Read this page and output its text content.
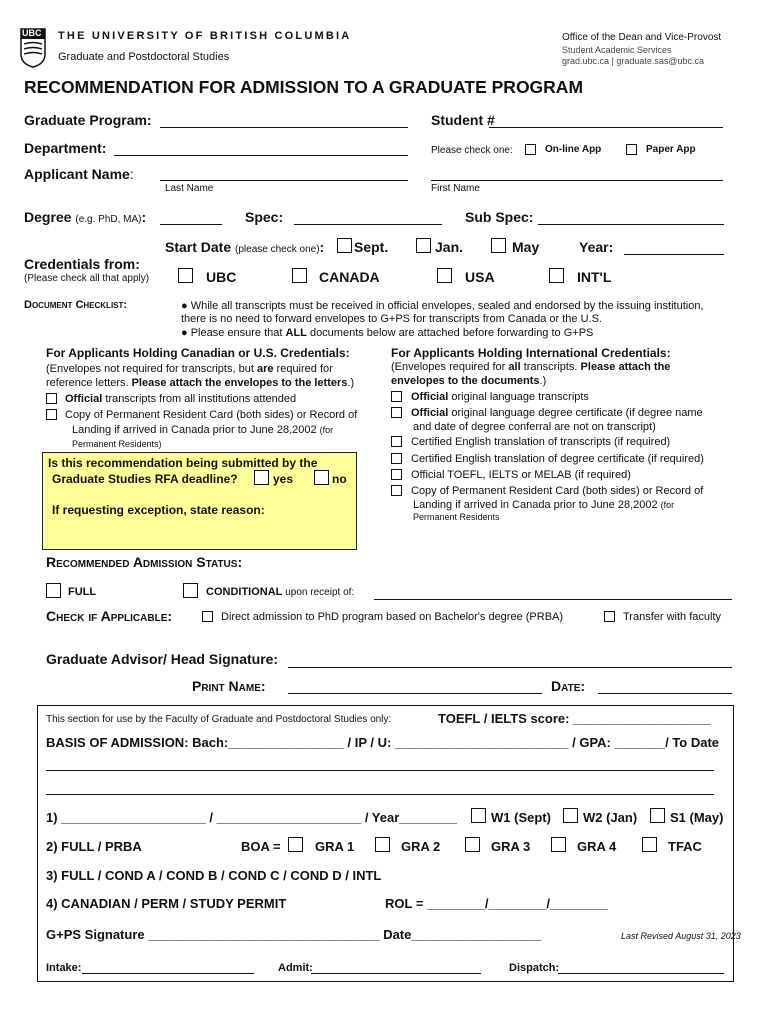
UBC THE UNIVERSITY OF BRITISH COLUMBIA
Graduate and Postdoctoral Studies
Office of the Dean and Vice-Provost
Student Academic Services
grad.ubc.ca | graduate.sas@ubc.ca
RECOMMENDATION FOR ADMISSION TO A GRADUATE PROGRAM
Graduate Program:	Student #
Department:	Please check one:	On-line App	Paper App
Applicant Name:
Last Name	First Name
Degree (e.g. PhD, MA):	Spec:	Sub Spec:
Start Date (please check one): Sept.	Jan.	May	Year:
Credentials from:
(Please check all that apply)	UBC	CANADA	USA	INT'L
Document Checklist:	● While all transcripts must be received in official envelopes, sealed and endorsed by the issuing institution,
there is no need to forward envelopes to G+PS for transcripts from Canada or the U.S.
● Please ensure that ALL documents below are attached before forwarding to G+PS
For Applicants Holding Canadian or U.S. Credentials:
(Envelopes not required for transcripts, but are required for
reference letters. Please attach the envelopes to the letters.)
Official transcripts from all institutions attended
Copy of Permanent Resident Card (both sides) or Record of
Landing if arrived in Canada prior to June 28,2002 (for
Permanent Residents)
Is this recommendation being submitted by the
Graduate Studies RFA deadline?	yes	no
If requesting exception, state reason:
For Applicants Holding International Credentials:
(Envelopes required for all transcripts. Please attach the
envelopes to the documents.)
Official original language transcripts
Official original language degree certificate (if degree name
and date of degree conferral are not on transcript)
Certified English translation of transcripts (if required)
Certified English translation of degree certificate (if required)
Official TOEFL, IELTS or MELAB (if required)
Copy of Permanent Resident Card (both sides) or Record of
Landing if arrived in Canada prior to June 28,2002 (for
Permanent Residents
Recommended Admission Status:
FULL	CONDITIONAL upon receipt of:
Check if Applicable:	Direct admission to PhD program based on Bachelor's degree (PRBA)	Transfer with faculty
Graduate Advisor/ Head Signature:
Print Name:	Date:
This section for use by the Faculty of Graduate and Postdoctoral Studies only:	TOEFL / IELTS score: ___________________
BASIS OF ADMISSION: Bach:________________ / IP / U: ________________________ / GPA: _______/ To Date
1) ____________________ / ____________________ / Year________	W1 (Sept) W2 (Jan)	S1 (May)
2) FULL / PRBA	BOA =	GRA 1	GRA 2	GRA 3	GRA 4	TFAC
3) FULL / COND A / COND B / COND C / COND D / INTL
4) CANADIAN / PERM / STUDY PERMIT	ROL = ________/________/________
G+PS Signature ________________________________ Date__________________	Last Revised August 31, 2023
Intake:	Admit:	Dispatch:
